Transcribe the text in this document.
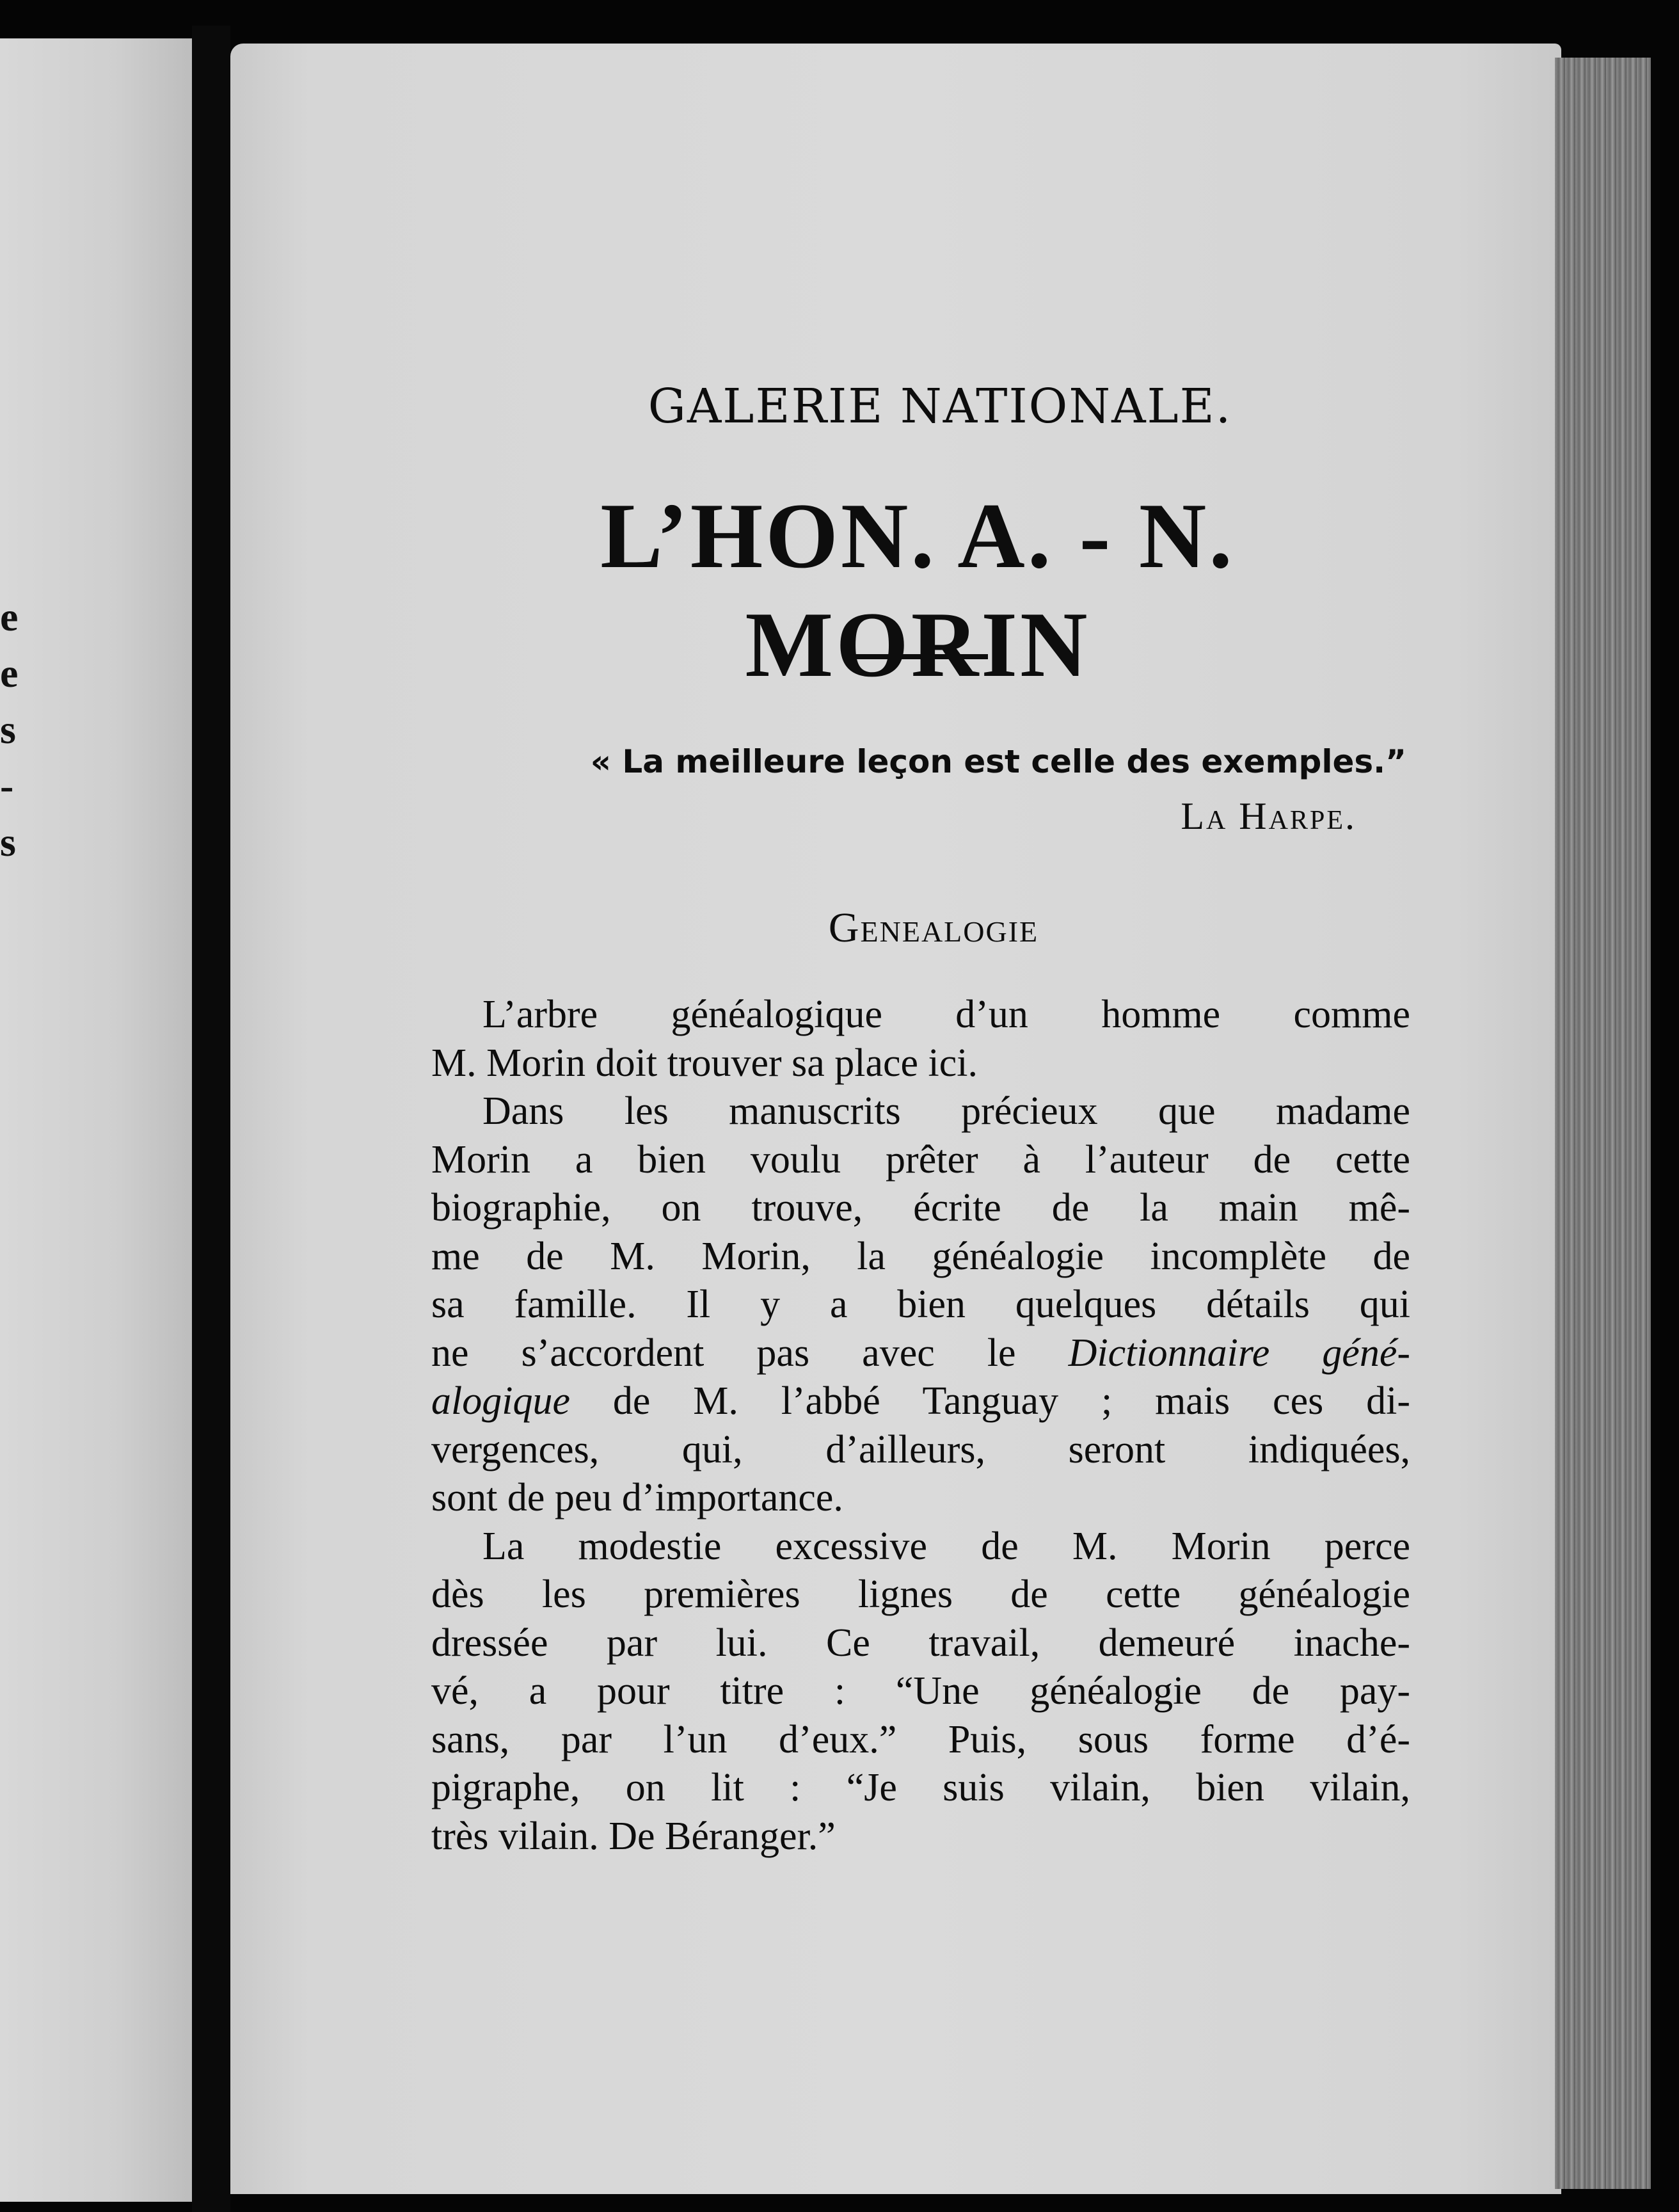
e
e
s
-
s
GALERIE NATIONALE.
L’HON. A. - N. MORIN
« La meilleure leçon est celle des exemples.”
La Harpe.
Genealogie
L’arbre généalogique d’un homme comme
M. Morin doit trouver sa place ici.
Dans les manuscrits précieux que madame
Morin a bien voulu prêter à l’auteur de cette
biographie, on trouve, écrite de la main mê-
me de M. Morin, la généalogie incomplète de
sa famille. Il y a bien quelques détails qui
ne s’accordent pas avec le Dictionnaire géné-
alogique de M. l’abbé Tanguay ; mais ces di-
vergences, qui, d’ailleurs, seront indiquées,
sont de peu d’importance.
La modestie excessive de M. Morin perce
dès les premières lignes de cette généalogie
dressée par lui. Ce travail, demeuré inache-
vé, a pour titre : “Une généalogie de pay-
sans, par l’un d’eux.” Puis, sous forme d’é-
pigraphe, on lit : “Je suis vilain, bien vilain,
très vilain. De Béranger.”
